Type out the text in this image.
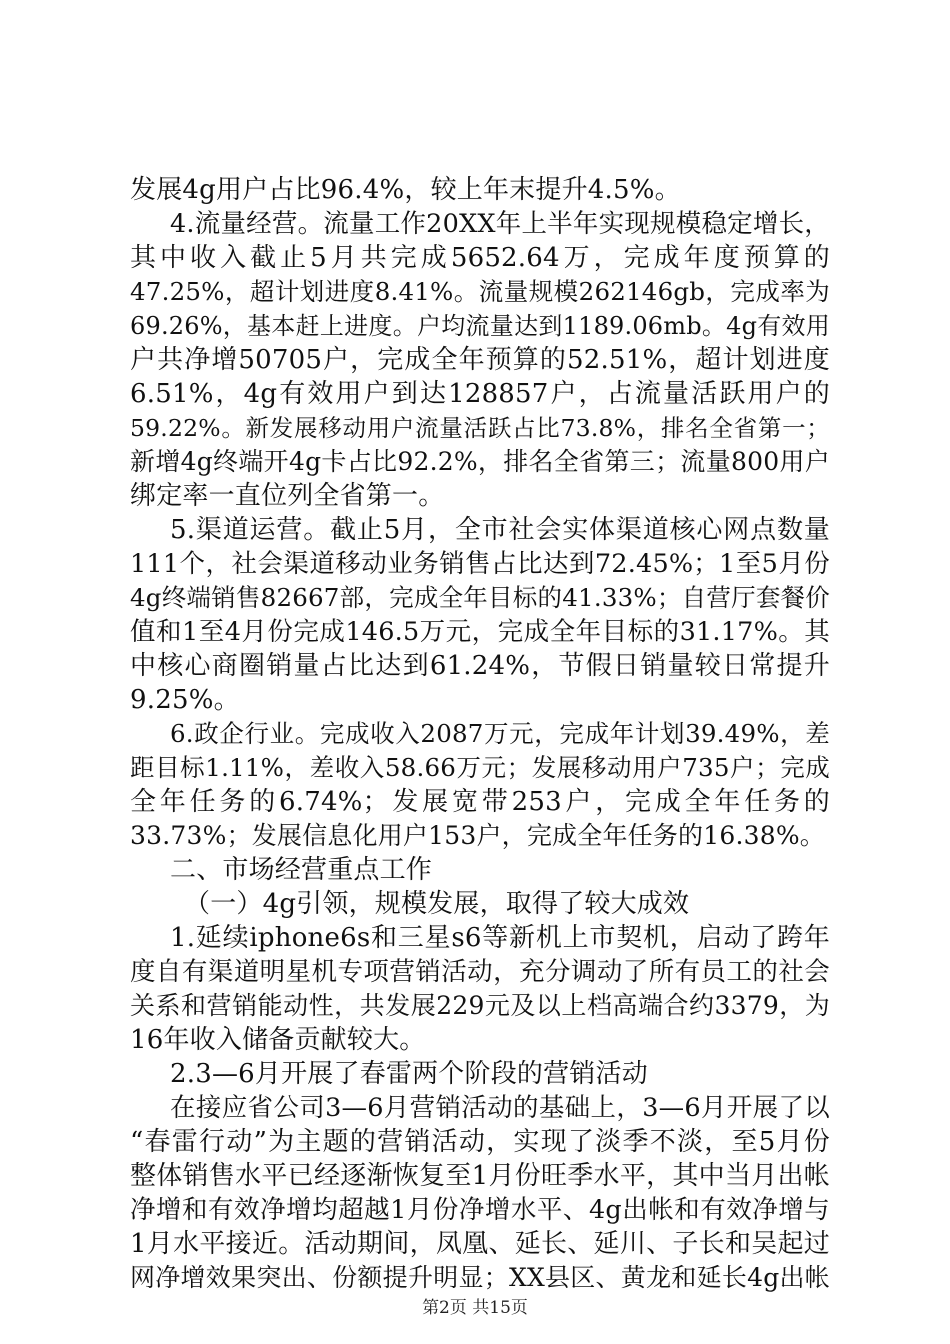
发展4g用户占比96.4%，较上年末提升4.5%。
4.流量经营。流量工作20XX年上半年实现规模稳定增长，
其中收入截止5月共完成5652.64万，完成年度预算的
47.25%，超计划进度8.41%。流量规模262146gb，完成率为
69.26%，基本赶上进度。户均流量达到1189.06mb。4g有效用
户共净增50705户，完成全年预算的52.51%，超计划进度
6.51%，4g有效用户到达128857户，占流量活跃用户的
59.22%。新发展移动用户流量活跃占比73.8%，排名全省第一；
新增4g终端开4g卡占比92.2%，排名全省第三；流量800用户
绑定率一直位列全省第一。
5.渠道运营。截止5月，全市社会实体渠道核心网点数量
111个，社会渠道移动业务销售占比达到72.45%；1至5月份
4g终端销售82667部，完成全年目标的41.33%；自营厅套餐价
值和1至4月份完成146.5万元，完成全年目标的31.17%。其
中核心商圈销量占比达到61.24%，节假日销量较日常提升
9.25%。
6.政企行业。完成收入2087万元，完成年计划39.49%，差
距目标1.11%，差收入58.66万元；发展移动用户735户；完成
全年任务的6.74%；发展宽带253户，完成全年任务的
33.73%；发展信息化用户153户，完成全年任务的16.38%。
二、市场经营重点工作
（一）4g引领，规模发展，取得了较大成效
1.延续iphone6s和三星s6等新机上市契机，启动了跨年
度自有渠道明星机专项营销活动，充分调动了所有员工的社会
关系和营销能动性，共发展229元及以上档高端合约3379，为
16年收入储备贡献较大。
2.3—6月开展了春雷两个阶段的营销活动
在接应省公司3—6月营销活动的基础上，3—6月开展了以
“春雷行动”为主题的营销活动，实现了淡季不淡，至5月份
整体销售水平已经逐渐恢复至1月份旺季水平，其中当月出帐
净增和有效净增均超越1月份净增水平、4g出帐和有效净增与
1月水平接近。活动期间，凤凰、延长、延川、子长和吴起过
网净增效果突出、份额提升明显；XX县区、黄龙和延长4g出帐
第2页 共15页
